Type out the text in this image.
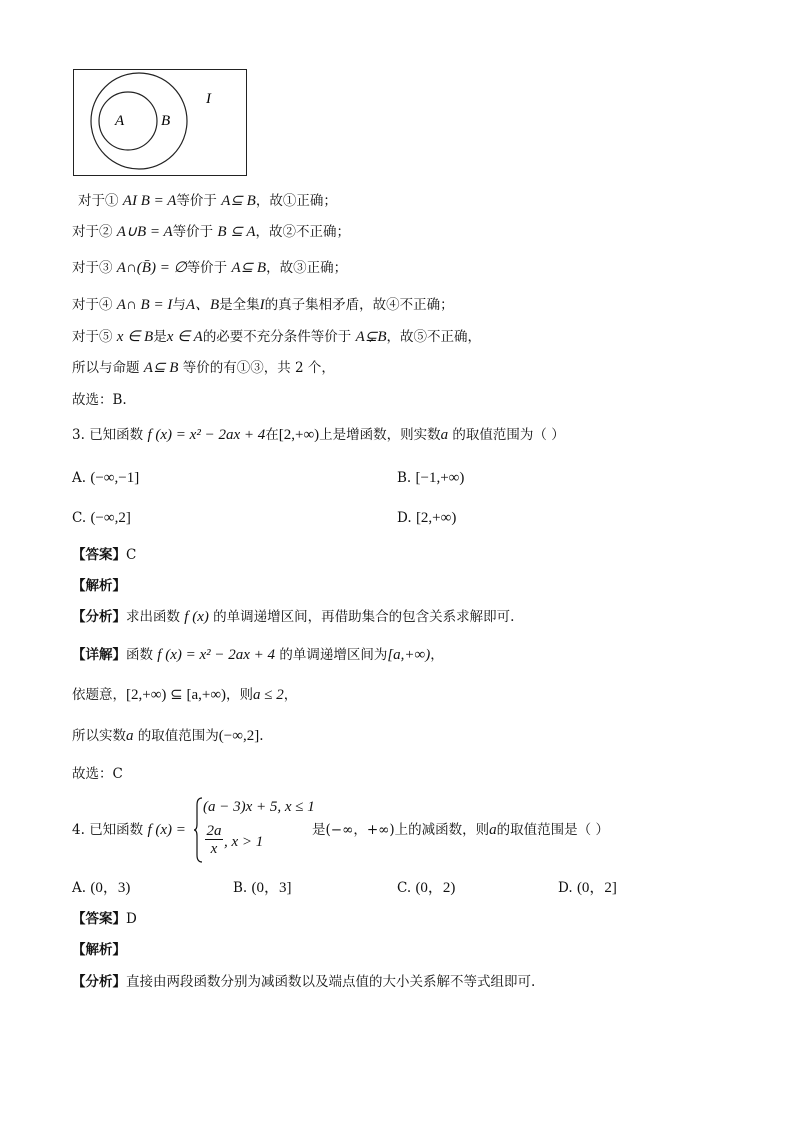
A B
I
对于① AI B = A等价于 A⊆ B，故①正确；
对于② A∪B = A等价于 B ⊆ A，故②不正确；
对于③ A∩(B̄) = ∅等价于 A⊆ B，故③正确；
对于④ A∩ B = I与A、B是全集I的真子集相矛盾，故④不正确；
对于⑤ x ∈ B是x ∈ A的必要不充分条件等价于 A⊊B，故⑤不正确，
所以与命题 A⊆ B 等价的有①③，共 2 个，
故选：B.
3. 已知函数 f (x) = x² − 2ax + 4在[2,+∞)上是增函数，则实数a 的取值范围为（ ）
A. (−∞,−1]	B. [−1,+∞)
C. (−∞,2]	D. [2,+∞)
【答案】C
【解析】
【分析】求出函数 f (x) 的单调递增区间，再借助集合的包含关系求解即可.
【详解】函数 f (x) = x² − 2ax + 4 的单调递增区间为[a,+∞)，
依题意，[2,+∞) ⊆ [a,+∞)，则a ≤ 2，
所以实数a 的取值范围为(−∞,2].
故选：C
4. 已知函数 f (x) =
(a − 3)x + 5, x ≤ 1
$\frac{2a}{x}$ , x > 1
是(−∞，+∞)上的减函数，则a的取值范围是（ ）
A. (0，3)	B. (0，3]	C. (0，2)	D. (0，2]
【答案】D
【解析】
【分析】直接由两段函数分别为减函数以及端点值的大小关系解不等式组即可.
